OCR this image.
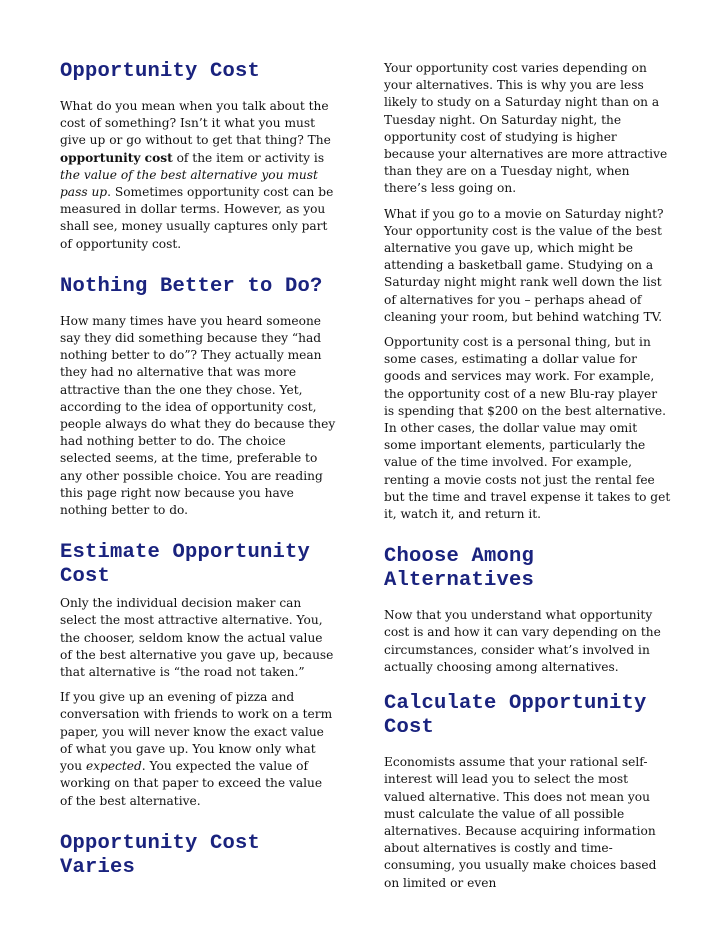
Opportunity Cost

What do you mean when you talk about the cost of something? Isn’t it what you must give up or go without to get that thing? The opportunity cost of the item or activity is the value of the best alternative you must pass up. Sometimes opportunity cost can be measured in dollar terms. However, as you shall see, money usually captures only part of opportunity cost.

Nothing Better to Do?

How many times have you heard someone say they did something because they “had nothing better to do”? They actually mean they had no alternative that was more attractive than the one they chose. Yet, according to the idea of opportunity cost, people always do what they do because they had nothing better to do. The choice selected seems, at the time, preferable to any other possible choice. You are reading this page right now because you have nothing better to do.

Estimate Opportunity Cost

Only the individual decision maker can select the most attractive alternative. You, the chooser, seldom know the actual value of the best alternative you gave up, because that alternative is “the road not taken.”

If you give up an evening of pizza and conversation with friends to work on a term paper, you will never know the exact value of what you gave up. You know only what you expected. You expected the value of working on that paper to exceed the value of the best alternative.

Opportunity Cost Varies

Your opportunity cost varies depending on your alternatives. This is why you are less likely to study on a Saturday night than on a Tuesday night. On Saturday night, the opportunity cost of studying is higher because your alternatives are more attractive than they are on a Tuesday night, when there’s less going on.

What if you go to a movie on Saturday night? Your opportunity cost is the value of the best alternative you gave up, which might be attending a basketball game. Studying on a Saturday night might rank well down the list of alternatives for you – perhaps ahead of cleaning your room, but behind watching TV.

Opportunity cost is a personal thing, but in some cases, estimating a dollar value for goods and services may work. For example, the opportunity cost of a new Blu-ray player is spending that $200 on the best alternative. In other cases, the dollar value may omit some important elements, particularly the value of the time involved. For example, renting a movie costs not just the rental fee but the time and travel expense it takes to get it, watch it, and return it.

Choose Among Alternatives

Now that you understand what opportunity cost is and how it can vary depending on the circumstances, consider what’s involved in actually choosing among alternatives.

Calculate Opportunity Cost

Economists assume that your rational self-interest will lead you to select the most valued alternative. This does not mean you must calculate the value of all possible alternatives. Because acquiring information about alternatives is costly and time-consuming, you usually make choices based on limited or even
